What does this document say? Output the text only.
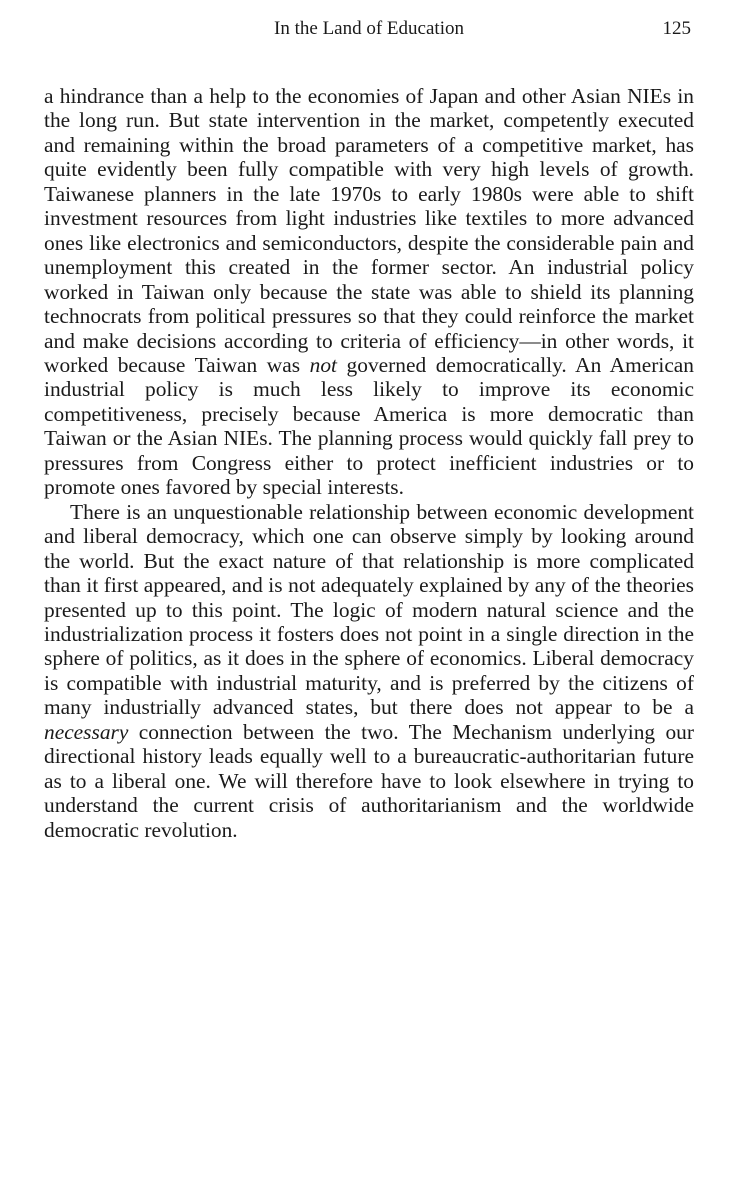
In the Land of Education	125

a hindrance than a help to the economies of Japan and other Asian NIEs in the long run. But state intervention in the market, competently executed and remaining within the broad parameters of a competitive market, has quite evidently been fully compatible with very high levels of growth. Taiwanese planners in the late 1970s to early 1980s were able to shift investment resources from light industries like textiles to more advanced ones like electronics and semiconductors, despite the considerable pain and unemployment this created in the former sector. An industrial policy worked in Taiwan only because the state was able to shield its planning technocrats from political pressures so that they could reinforce the market and make decisions according to criteria of efficiency—in other words, it worked because Taiwan was not governed democratically. An American industrial policy is much less likely to improve its economic competitiveness, precisely because America is more democratic than Taiwan or the Asian NIEs. The planning process would quickly fall prey to pressures from Congress either to protect inefficient industries or to promote ones favored by special interests.

There is an unquestionable relationship between economic development and liberal democracy, which one can observe simply by looking around the world. But the exact nature of that relationship is more complicated than it first appeared, and is not adequately explained by any of the theories presented up to this point. The logic of modern natural science and the industrialization process it fosters does not point in a single direction in the sphere of politics, as it does in the sphere of economics. Liberal democracy is compatible with industrial maturity, and is preferred by the citizens of many industrially advanced states, but there does not appear to be a necessary connection between the two. The Mechanism underlying our directional history leads equally well to a bureaucratic-authoritarian future as to a liberal one. We will therefore have to look elsewhere in trying to understand the current crisis of authoritarianism and the worldwide democratic revolution.
